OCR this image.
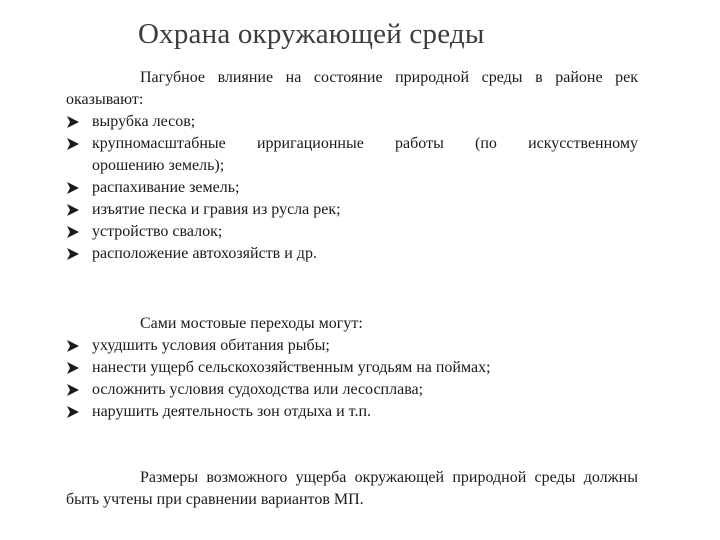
Охрана окружающей среды
Пагубное влияние на состояние природной среды в районе рек оказывают:
вырубка лесов;
крупномасштабные ирригационные работы (по искусственному
орошению земель);
распахивание земель;
изъятие песка и гравия из русла рек;
устройство свалок;
расположение автохозяйств и др.
Сами мостовые переходы могут:
ухудшить условия обитания рыбы;
нанести ущерб сельскохозяйственным угодьям на поймах;
осложнить условия судоходства или лесосплава;
нарушить деятельность зон отдыха и т.п.
Размеры возможного ущерба окружающей природной среды должны быть учтены при сравнении вариантов МП.
